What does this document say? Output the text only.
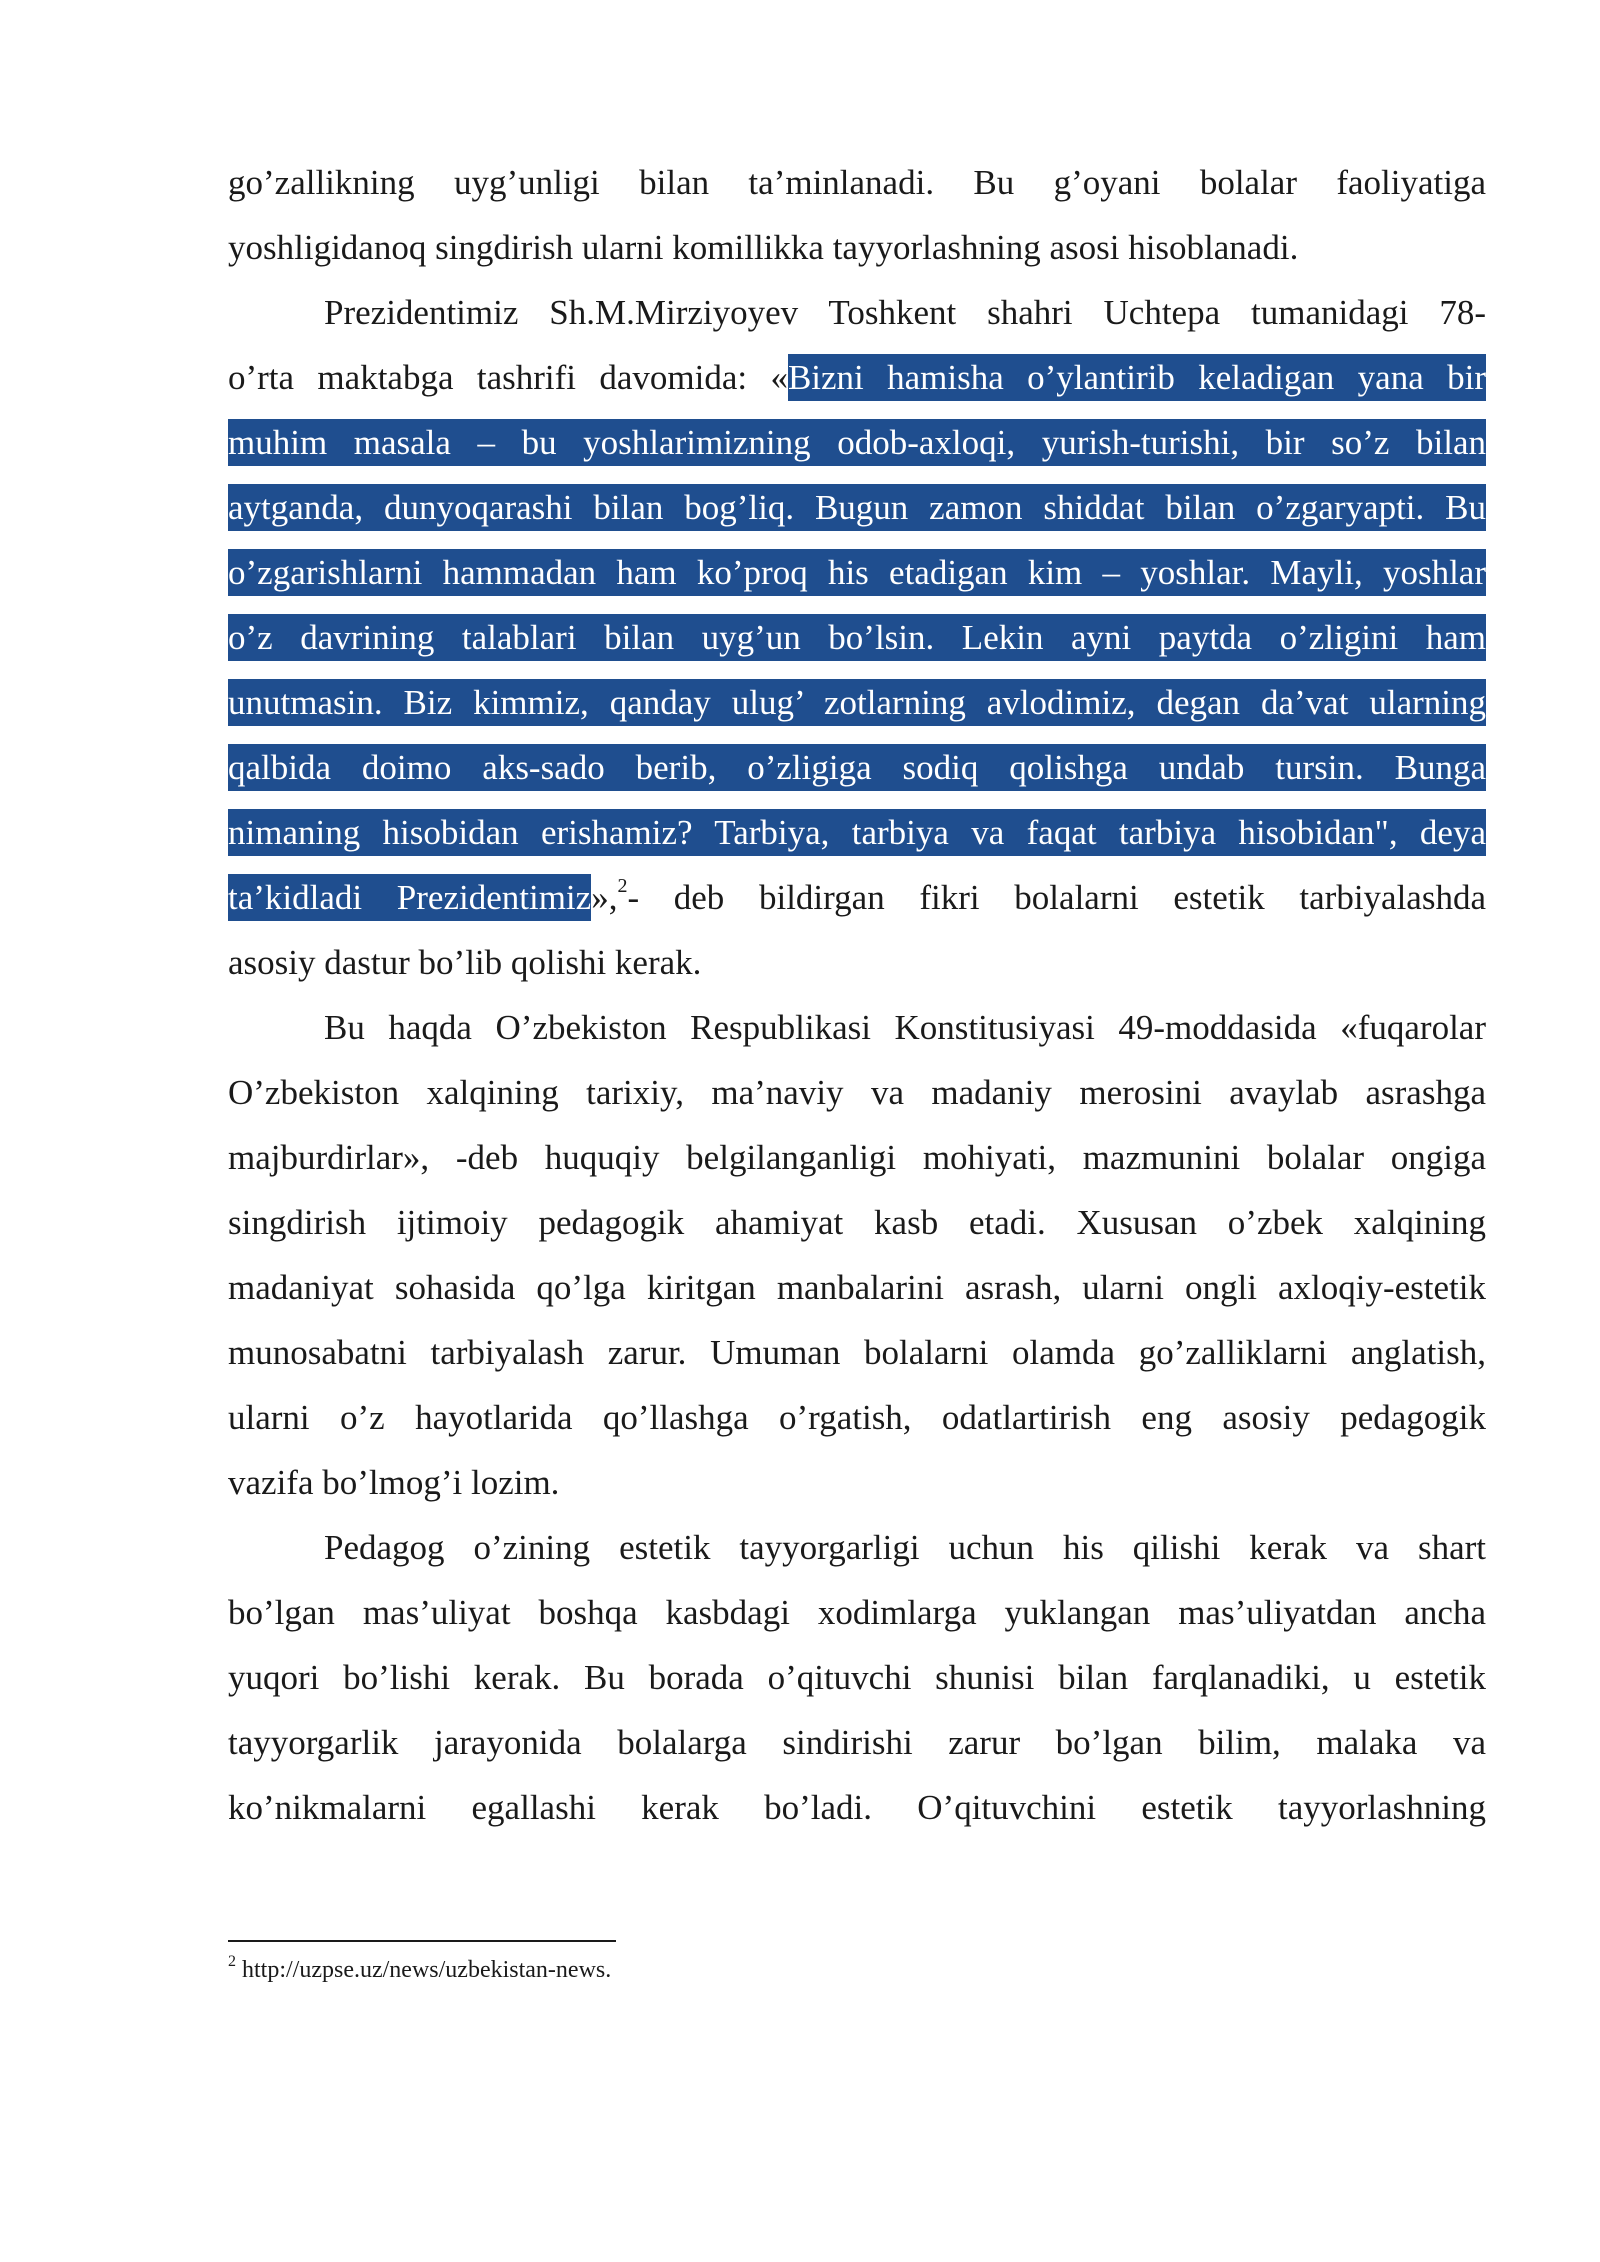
go’zallikning uyg’unligi bilan ta’minlanadi. Bu g’oyani bolalar faoliyatiga
yoshligidanoq singdirish ularni komillikka tayyorlashning asosi hisoblanadi.
Prezidentimiz Sh.M.Mirziyoyev Toshkent shahri Uchtepa tumanidagi 78-
o’rta maktabga tashrifi davomida: «Bizni hamisha o’ylantirib keladigan yana bir
muhim masala – bu yoshlarimizning odob-axloqi, yurish-turishi, bir so’z bilan
aytganda, dunyoqarashi bilan bog’liq. Bugun zamon shiddat bilan o’zgaryapti. Bu
o’zgarishlarni hammadan ham ko’proq his etadigan kim – yoshlar. Mayli, yoshlar
o’z davrining talablari bilan uyg’un bo’lsin. Lekin ayni paytda o’zligini ham
unutmasin. Biz kimmiz, qanday ulug’ zotlarning avlodimiz, degan da’vat ularning
qalbida doimo aks-sado berib, o’zligiga sodiq qolishga undab tursin. Bunga
nimaning hisobidan erishamiz? Tarbiya, tarbiya va faqat tarbiya hisobidan", deya
ta’kidladi Prezidentimiz»,$^2$- deb bildirgan fikri bolalarni estetik tarbiyalashda
asosiy dastur bo’lib qolishi kerak.
Bu haqda O’zbekiston Respublikasi Konstitusiyasi 49-moddasida «fuqarolar
O’zbekiston xalqining tarixiy, ma’naviy va madaniy merosini avaylab asrashga
majburdirlar», -deb huquqiy belgilanganligi mohiyati, mazmunini bolalar ongiga
singdirish ijtimoiy pedagogik ahamiyat kasb etadi. Xususan o’zbek xalqining
madaniyat sohasida qo’lga kiritgan manbalarini asrash, ularni ongli axloqiy-estetik
munosabatni tarbiyalash zarur. Umuman bolalarni olamda go’zalliklarni anglatish,
ularni o’z hayotlarida qo’llashga o’rgatish, odatlartirish eng asosiy pedagogik
vazifa bo’lmog’i lozim.
Pedagog o’zining estetik tayyorgarligi uchun his qilishi kerak va shart
bo’lgan mas’uliyat boshqa kasbdagi xodimlarga yuklangan mas’uliyatdan ancha
yuqori bo’lishi kerak. Bu borada o’qituvchi shunisi bilan farqlanadiki, u estetik
tayyorgarlik jarayonida bolalarga sindirishi zarur bo’lgan bilim, malaka va
ko’nikmalarni egallashi kerak bo’ladi. O’qituvchini estetik tayyorlashning
$^2$ http://uzpse.uz/news/uzbekistan-news.
